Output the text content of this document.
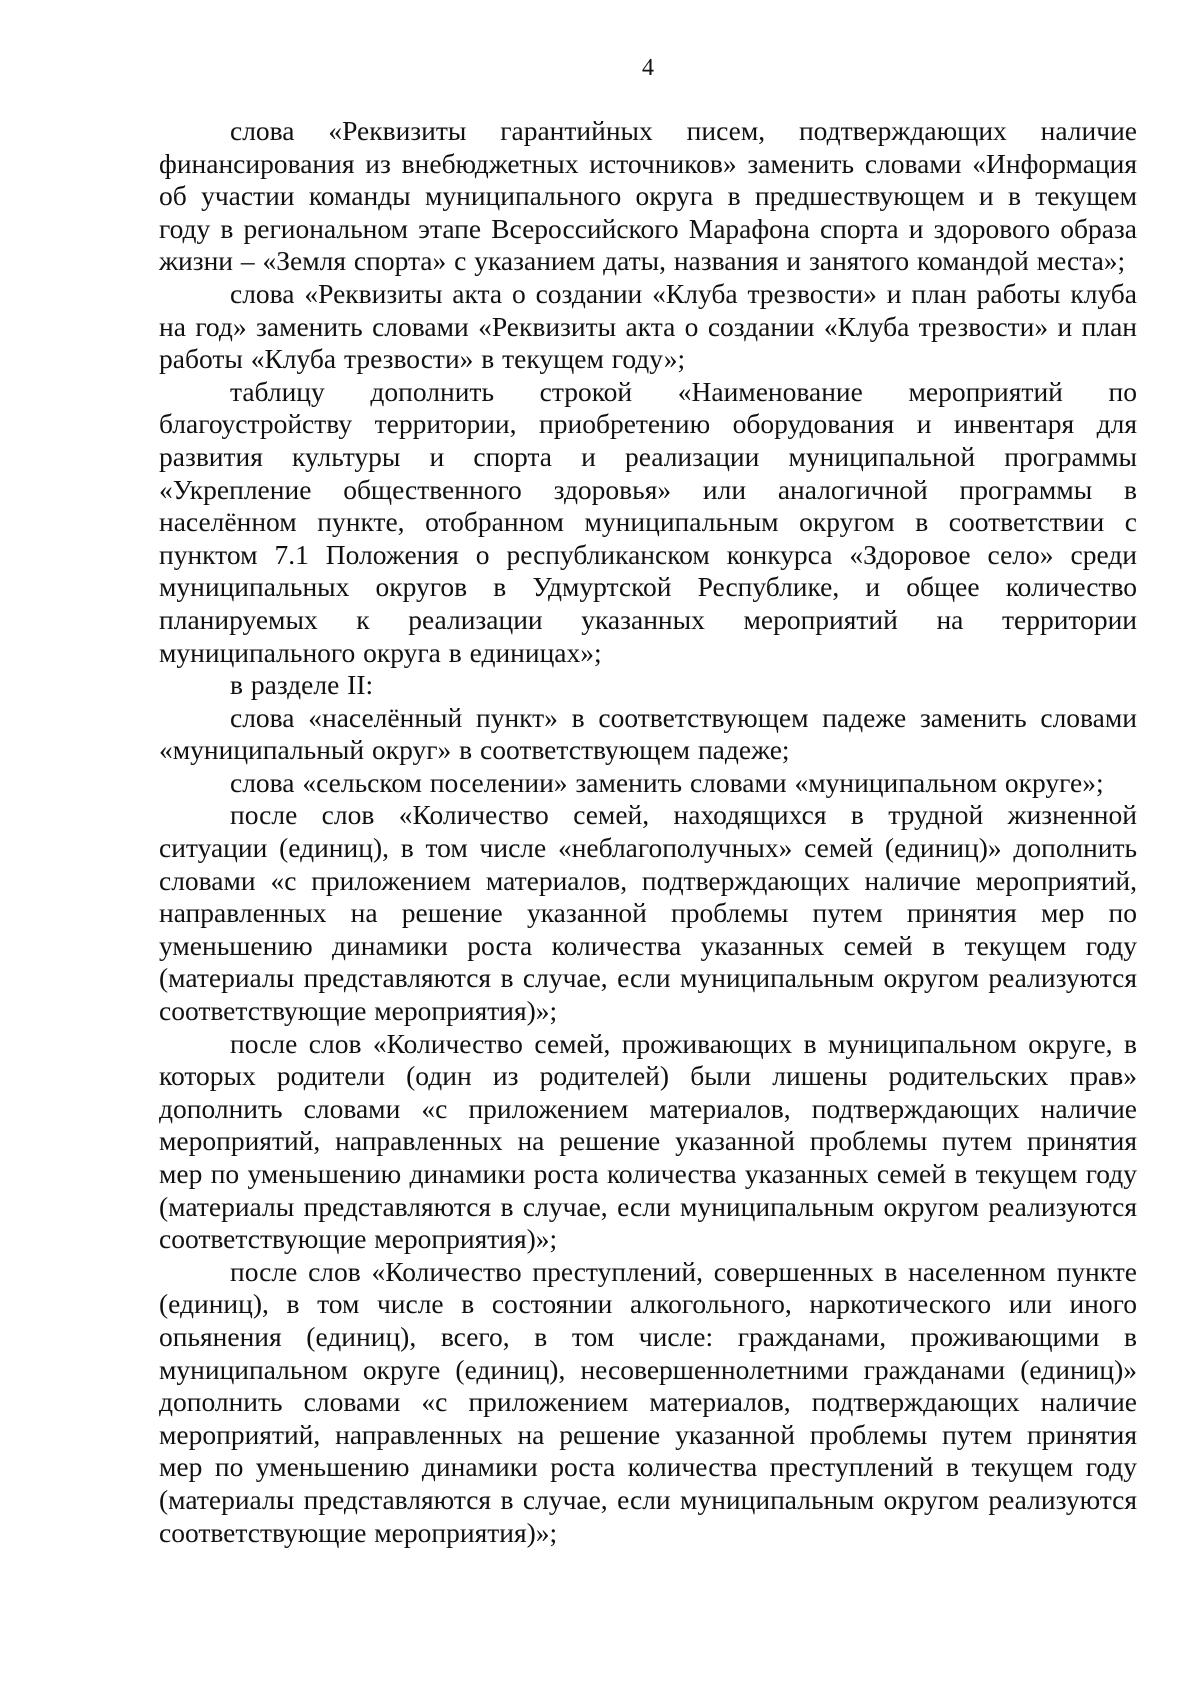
4

слова «Реквизиты гарантийных писем, подтверждающих наличие финансирования из внебюджетных источников» заменить словами «Информация об участии команды муниципального округа в предшествующем и в текущем году в региональном этапе Всероссийского Марафона спорта и здорового образа жизни – «Земля спорта» с указанием даты, названия и занятого командой места»;

слова «Реквизиты акта о создании «Клуба трезвости» и план работы клуба на год» заменить словами «Реквизиты акта о создании «Клуба трезвости» и план работы «Клуба трезвости» в текущем году»;

таблицу дополнить строкой «Наименование мероприятий по благоустройству территории, приобретению оборудования и инвентаря для развития культуры и спорта и реализации муниципальной программы «Укрепление общественного здоровья» или аналогичной программы в населённом пункте, отобранном муниципальным округом в соответствии с пунктом 7.1 Положения о республиканском конкурса «Здоровое село» среди муниципальных округов в Удмуртской Республике, и общее количество планируемых к реализации указанных мероприятий на территории муниципального округа в единицах»;

в разделе II:

слова «населённый пункт» в соответствующем падеже заменить словами «муниципальный округ» в соответствующем падеже;

слова «сельском поселении» заменить словами «муниципальном округе»;

после слов «Количество семей, находящихся в трудной жизненной ситуации (единиц), в том числе «неблагополучных» семей (единиц)» дополнить словами «с приложением материалов, подтверждающих наличие мероприятий, направленных на решение указанной проблемы путем принятия мер по уменьшению динамики роста количества указанных семей в текущем году (материалы представляются в случае, если муниципальным округом реализуются соответствующие мероприятия)»;

после слов «Количество семей, проживающих в муниципальном округе, в которых родители (один из родителей) были лишены родительских прав» дополнить словами «с приложением материалов, подтверждающих наличие мероприятий, направленных на решение указанной проблемы путем принятия мер по уменьшению динамики роста количества указанных семей в текущем году (материалы представляются в случае, если муниципальным округом реализуются соответствующие мероприятия)»;

после слов «Количество преступлений, совершенных в населенном пункте (единиц), в том числе в состоянии алкогольного, наркотического или иного опьянения (единиц), всего, в том числе: гражданами, проживающими в муниципальном округе (единиц), несовершеннолетними гражданами (единиц)» дополнить словами «с приложением материалов, подтверждающих наличие мероприятий, направленных на решение указанной проблемы путем принятия мер по уменьшению динамики роста количества преступлений в текущем году (материалы представляются в случае, если муниципальным округом реализуются соответствующие мероприятия)»;
